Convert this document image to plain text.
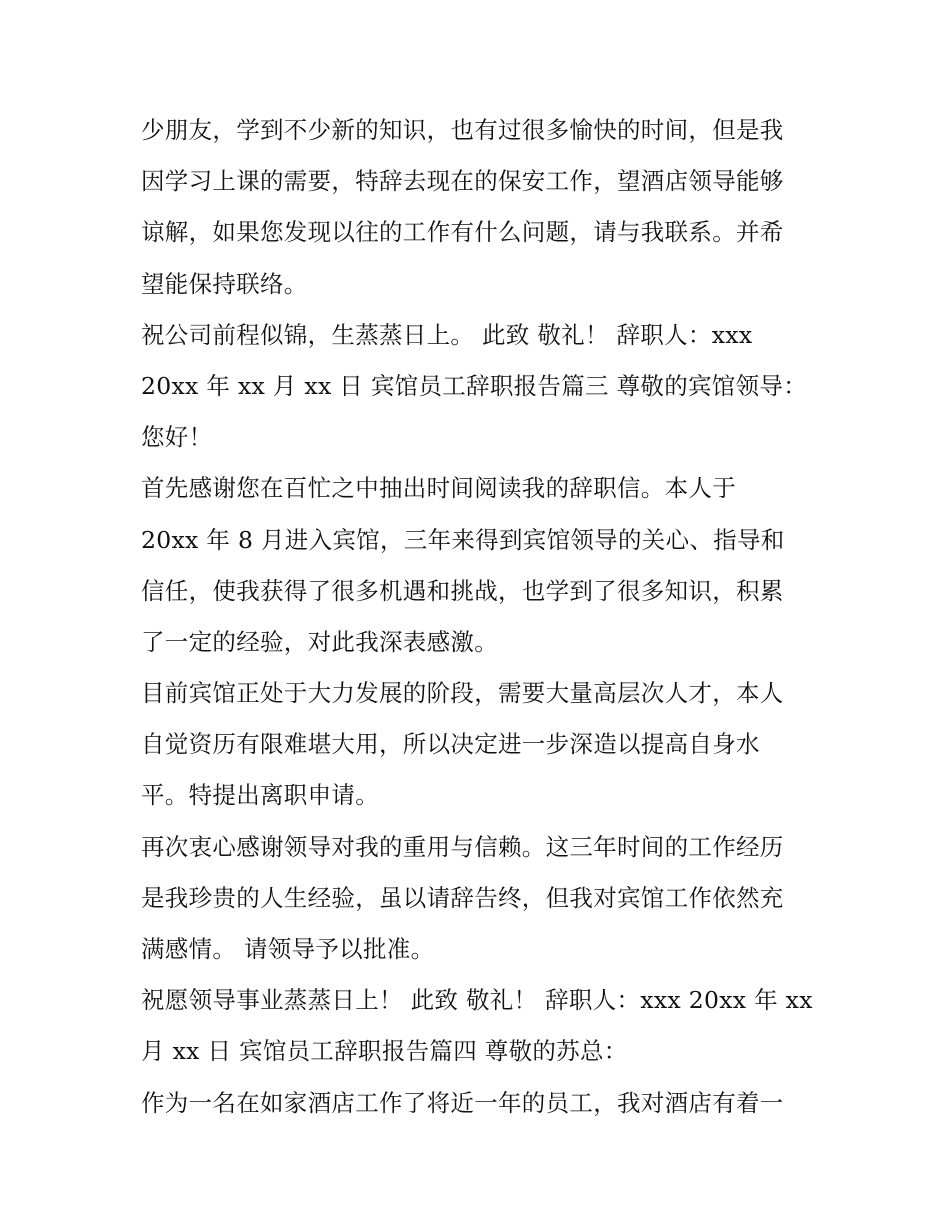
少朋友，学到不少新的知识，也有过很多愉快的时间，但是我
因学习上课的需要，特辞去现在的保安工作，望酒店领导能够
谅解，如果您发现以往的工作有什么问题，请与我联系。并希
望能保持联络。
祝公司前程似锦，生蒸蒸日上。 此致 敬礼！ 辞职人：xxx
20xx 年 xx 月 xx 日 宾馆员工辞职报告篇三 尊敬的宾馆领导：
您好！
首先感谢您在百忙之中抽出时间阅读我的辞职信。本人于
20xx 年 8 月进入宾馆，三年来得到宾馆领导的关心、指导和
信任，使我获得了很多机遇和挑战，也学到了很多知识，积累
了一定的经验，对此我深表感激。
目前宾馆正处于大力发展的阶段，需要大量高层次人才，本人
自觉资历有限难堪大用，所以决定进一步深造以提高自身水
平。特提出离职申请。
再次衷心感谢领导对我的重用与信赖。这三年时间的工作经历
是我珍贵的人生经验，虽以请辞告终，但我对宾馆工作依然充
满感情。 请领导予以批准。
祝愿领导事业蒸蒸日上！ 此致 敬礼！ 辞职人：xxx 20xx 年 xx
月 xx 日 宾馆员工辞职报告篇四 尊敬的苏总：
作为一名在如家酒店工作了将近一年的员工，我对酒店有着一
